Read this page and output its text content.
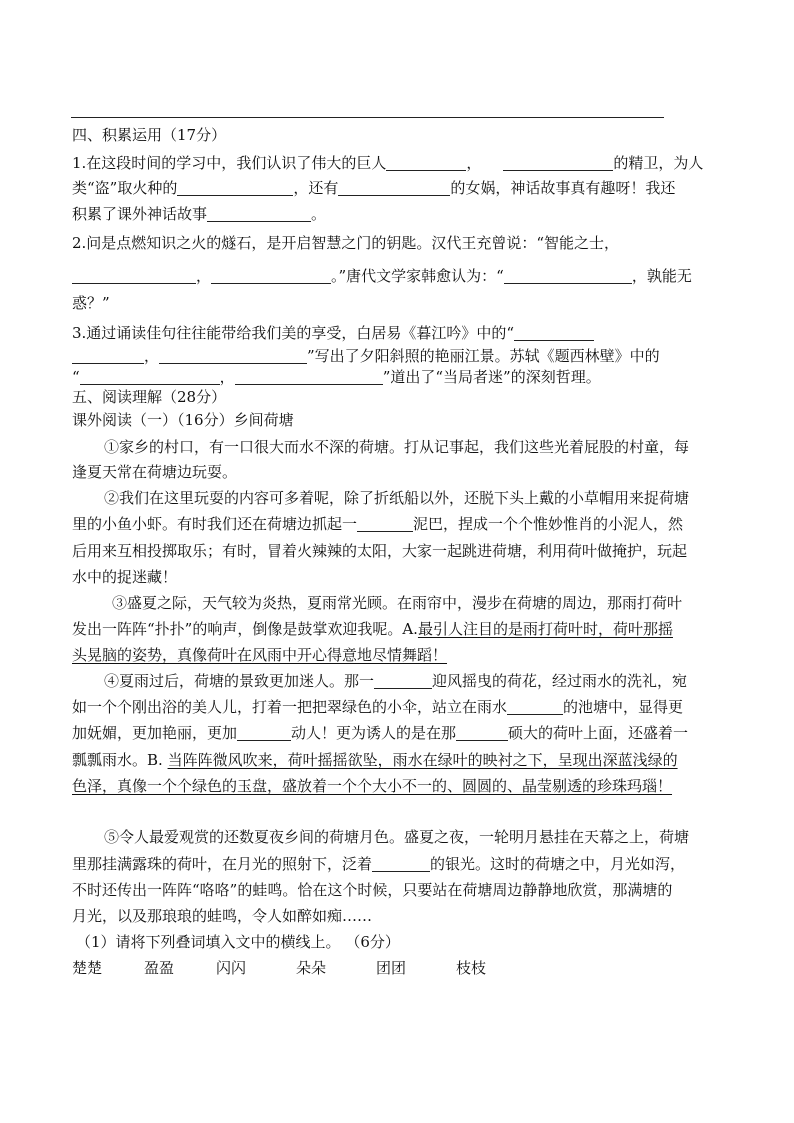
四、积累运用（17分）
1.在这段时间的学习中，我们认识了伟大的巨人	，	的精卫，为人
类“盗”取火种的	，还有	的女娲，神话故事真有趣呀！我还
积累了课外神话故事	。
2.问是点燃知识之火的燧石，是开启智慧之门的钥匙。汉代王充曾说：“智能之士，
，	。”唐代文学家韩愈认为：“	，孰能无
惑？”
3.通过诵读佳句往往能带给我们美的享受，白居易《暮江吟》中的“
，	”写出了夕阳斜照的艳丽江景。苏轼《题西林壁》中的
“	，	”道出了“当局者迷”的深刻哲理。
五、阅读理解（28分）
课外阅读（一）（16分）乡间荷塘
①家乡的村口，有一口很大而水不深的荷塘。打从记事起，我们这些光着屁股的村童，每
逢夏天常在荷塘边玩耍。
②我们在这里玩耍的内容可多着呢，除了折纸船以外，还脱下头上戴的小草帽用来捉荷塘
里的小鱼小虾。有时我们还在荷塘边抓起一	泥巴，捏成一个个惟妙惟肖的小泥人，然
后用来互相投掷取乐；有时，冒着火辣辣的太阳，大家一起跳进荷塘，利用荷叶做掩护，玩起
水中的捉迷藏！
③盛夏之际，天气较为炎热，夏雨常光顾。在雨帘中，漫步在荷塘的周边，那雨打荷叶
发出一阵阵“扑扑”的响声，倒像是鼓掌欢迎我呢。A.最引人注目的是雨打荷叶时，荷叶那摇
头晃脑的姿势，真像荷叶在风雨中开心得意地尽情舞蹈！
④夏雨过后，荷塘的景致更加迷人。那一	迎风摇曳的荷花，经过雨水的洗礼，宛
如一个个刚出浴的美人儿，打着一把把翠绿色的小伞，站立在雨水	的池塘中，显得更
加妩媚，更加艳丽，更加	动人！更为诱人的是在那	硕大的荷叶上面，还盛着一
瓢瓢雨水。B. 当阵阵微风吹来，荷叶摇摇欲坠，雨水在绿叶的映衬之下，呈现出深蓝浅绿的
色泽，真像一个个绿色的玉盘，盛放着一个个大小不一的、圆圆的、晶莹剔透的珍珠玛瑙！
⑤令人最爱观赏的还数夏夜乡间的荷塘月色。盛夏之夜，一轮明月悬挂在天幕之上，荷塘
里那挂满露珠的荷叶，在月光的照射下，泛着	的银光。这时的荷塘之中，月光如泻，
不时还传出一阵阵“咯咯”的蛙鸣。恰在这个时候，只要站在荷塘周边静静地欣赏，那满塘的
月光，以及那琅琅的蛙鸣，令人如醉如痴……
（1）请将下列叠词填入文中的横线上。 （6分）
楚楚	盈盈	闪闪	朵朵	团团	枝枝
